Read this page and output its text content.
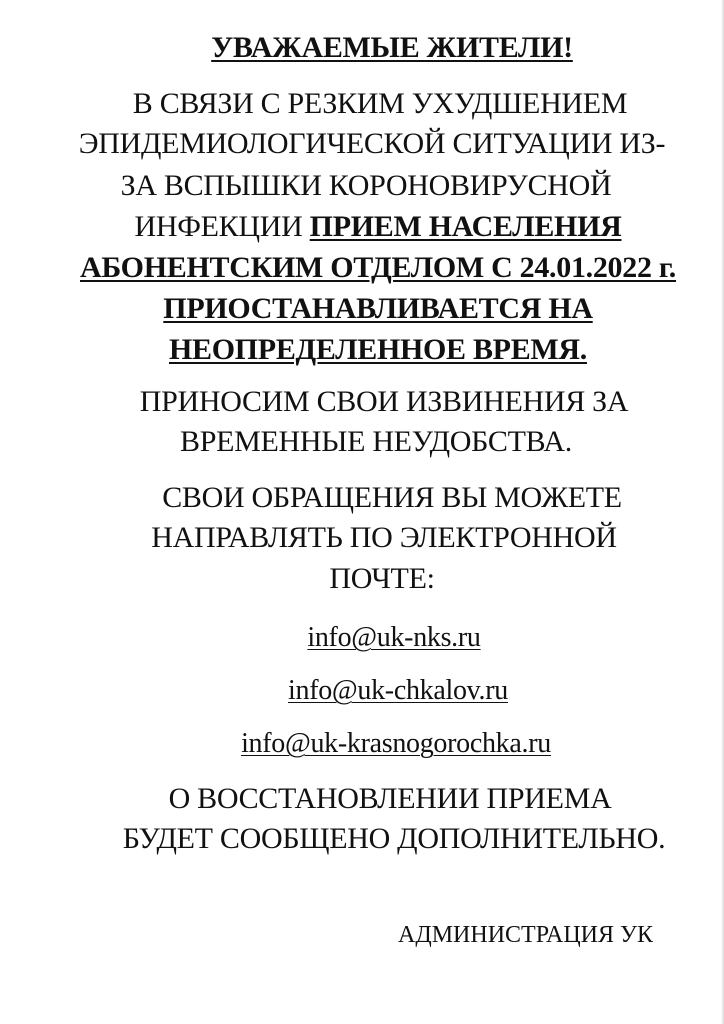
УВАЖАЕМЫЕ ЖИТЕЛИ!
В СВЯЗИ С РЕЗКИМ УХУДШЕНИЕМ
ЭПИДЕМИОЛОГИЧЕСКОЙ СИТУАЦИИ ИЗ-
ЗА ВСПЫШКИ КОРОНОВИРУСНОЙ
ИНФЕКЦИИ ПРИЕМ НАСЕЛЕНИЯ
АБОНЕНТСКИМ ОТДЕЛОМ С 24.01.2022 г.
ПРИОСТАНАВЛИВАЕТСЯ НА
НЕОПРЕДЕЛЕННОЕ ВРЕМЯ.
ПРИНОСИМ СВОИ ИЗВИНЕНИЯ ЗА
ВРЕМЕННЫЕ НЕУДОБСТВА.
СВОИ ОБРАЩЕНИЯ ВЫ МОЖЕТЕ
НАПРАВЛЯТЬ ПО ЭЛЕКТРОННОЙ
ПОЧТЕ:
info@uk-nks.ru
info@uk-chkalov.ru
info@uk-krasnogorochka.ru
О ВОССТАНОВЛЕНИИ ПРИЕМА
БУДЕТ СООБЩЕНО ДОПОЛНИТЕЛЬНО.
АДМИНИСТРАЦИЯ УК
